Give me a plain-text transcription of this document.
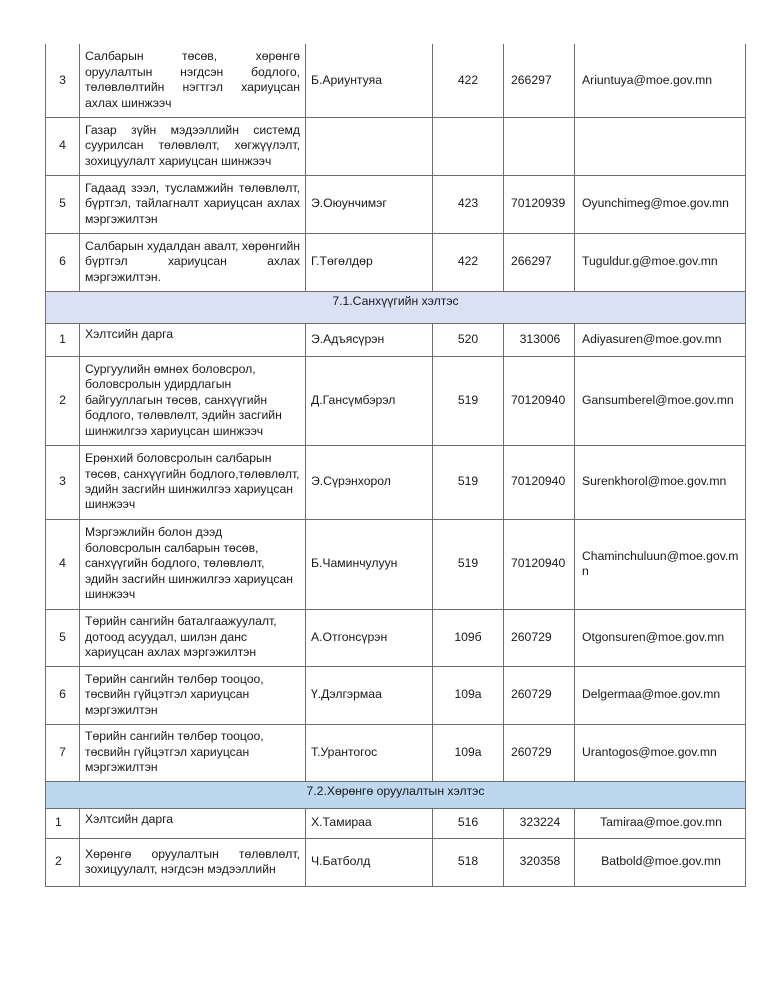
3	Салбарын төсөв, хөрөнгө оруулалтын нэгдсэн бодлого, төлөвлөлтийн нэгтгэл хариуцсан ахлах шинжээч	Б.Ариунтуяа	422	266297	Ariuntuya@moe.gov.mn
4	Газар зүйн мэдээллийн системд суурилсан төлөвлөлт, хөгжүүлэлт, зохицуулалт хариуцсан шинжээч				
5	Гадаад зээл, тусламжийн төлөвлөлт, бүртгэл, тайлагналт хариуцсан ахлах мэргэжилтэн	Э.Оюунчимэг	423	70120939	Oyunchimeg@moe.gov.mn
6	Салбарын худалдан авалт, хөрөнгийн бүртгэл хариуцсан ахлах мэргэжилтэн.	Г.Төгөлдөр	422	266297	Tuguldur.g@moe.gov.mn
7.1.Санхүүгийн хэлтэс					
1	Хэлтсийн дарга	Э.Адъясүрэн	520	313006	Adiyasuren@moe.gov.mn
2	Сургуулийн өмнөх боловсрол, боловсролын удирдлагын байгууллагын төсөв, санхүүгийн бодлого, төлөвлөлт, эдийн засгийн шинжилгээ хариуцсан шинжээч	Д.Гансүмбэрэл	519	70120940	Gansumberel@moe.gov.mn
3	Ерөнхий боловсролын салбарын төсөв, санхүүгийн бодлого,төлөвлөлт, эдийн засгийн шинжилгээ хариуцсан шинжээч	Э.Сүрэнхорол	519	70120940	Surenkhorol@moe.gov.mn
4	Мэргэжлийн болон дээд боловсролын салбарын төсөв, санхүүгийн бодлого, төлөвлөлт, эдийн засгийн шинжилгээ хариуцсан шинжээч	Б.Чаминчулуун	519	70120940	Chaminchuluun@moe.gov.mn
5	Төрийн сангийн баталгаажуулалт, дотоод асуудал, шилэн данс хариуцсан ахлах мэргэжилтэн	А.Отгонсүрэн	109б	260729	Otgonsuren@moe.gov.mn
6	Төрийн сангийн төлбөр тооцоо, төсвийн гүйцэтгэл хариуцсан мэргэжилтэн	Ү.Дэлгэрмаа	109а	260729	Delgermaa@moe.gov.mn
7	Төрийн сангийн төлбөр тооцоо, төсвийн гүйцэтгэл хариуцсан мэргэжилтэн	Т.Урантогос	109а	260729	Urantogos@moe.gov.mn
7.2.Хөрөнгө оруулалтын хэлтэс					
1	Хэлтсийн дарга	Х.Тамираа	516	323224	Tamiraa@moe.gov.mn
2	Хөрөнгө оруулалтын төлөвлөлт, зохицуулалт, нэгдсэн мэдээллийн	Ч.Батболд	518	320358	Batbold@moe.gov.mn
